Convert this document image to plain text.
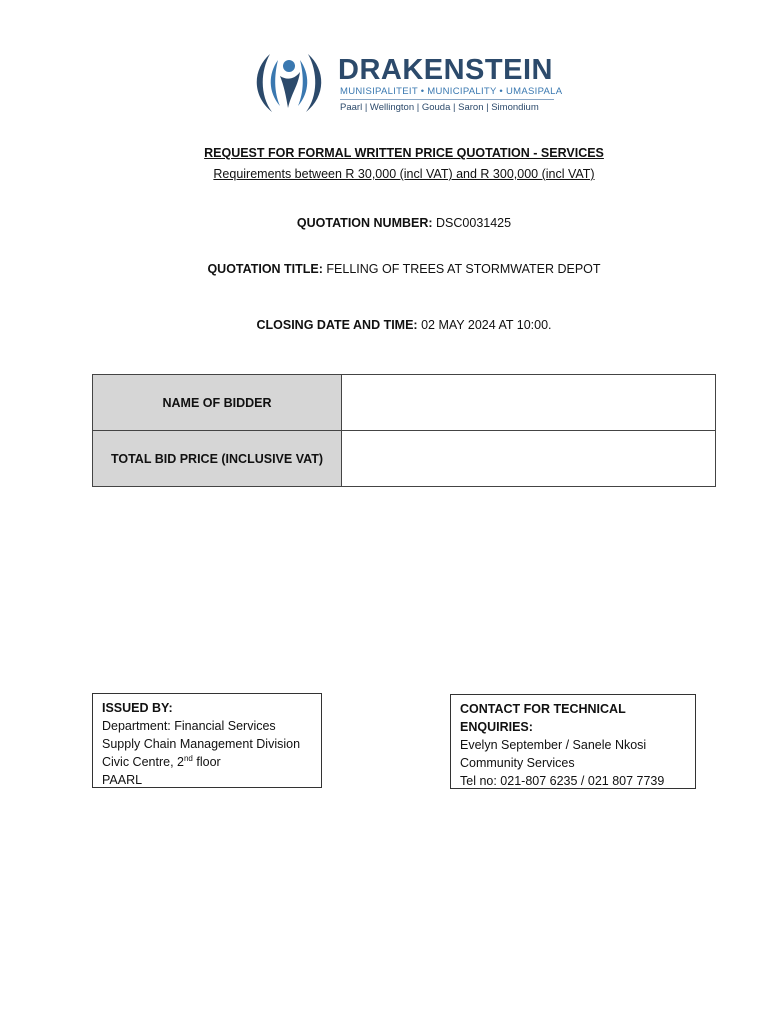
DRAKENSTEIN
MUNISIPALITEIT • MUNICIPALITY • UMASIPALA
Paarl | Wellington | Gouda | Saron | Simondium
REQUEST FOR FORMAL WRITTEN PRICE QUOTATION - SERVICES
Requirements between R 30,000 (incl VAT) and R 300,000 (incl VAT)
QUOTATION NUMBER: DSC0031425
QUOTATION TITLE: FELLING OF TREES AT STORMWATER DEPOT
CLOSING DATE AND TIME: 02 MAY 2024 AT 10:00.
NAME OF BIDDER	
TOTAL BID PRICE (INCLUSIVE VAT)	
ISSUED BY:
Department: Financial Services
Supply Chain Management Division
Civic Centre, 2nd floor
PAARL
CONTACT FOR TECHNICAL ENQUIRIES:
Evelyn September / Sanele Nkosi
Community Services
Tel no: 021-807 6235 / 021 807 7739
